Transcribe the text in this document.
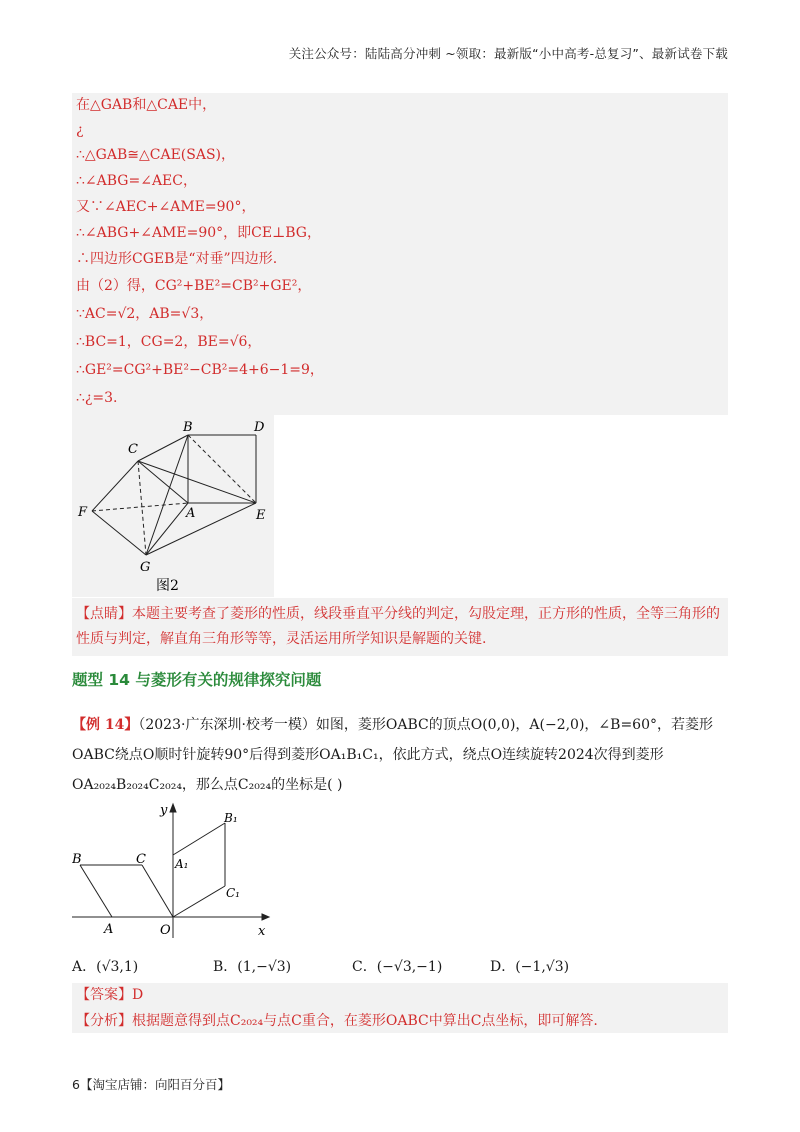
关注公众号：陆陆高分冲刺 ~领取：最新版“小中高考-总复习”、最新试卷下载
在△GAB和△CAE中，
¿
∴△GAB≅△CAE(SAS)，
∴∠ABG=∠AEC，
又∵∠AEC+∠AME=90°，
∴∠ABG+∠AME=90°，即CE⊥BG，
∴四边形CGEB是“对垂”四边形.
由（2）得，CG²+BE²=CB²+GE²，
∵AC=√2，AB=√3，
∴BC=1，CG=2，BE=√6，
∴GE²=CG²+BE²−CB²=4+6−1=9，
∴¿=3.
B	D
C
F	A	E
G
图2
【点睛】本题主要考查了菱形的性质，线段垂直平分线的判定，勾股定理，正方形的性质，全等三角形的
性质与判定，解直角三角形等等，灵活运用所学知识是解题的关键.
题型 14 与菱形有关的规律探究问题
【例 14】（2023·广东深圳·校考一模）如图，菱形OABC的顶点O(0,0)，A(−2,0)，∠B=60°，若菱形
OABC绕点O顺时针旋转90°后得到菱形OA₁B₁C₁，依此方式，绕点O连续旋转2024次得到菱形
OA₂₀₂₄B₂₀₂₄C₂₀₂₄，那么点C₂₀₂₄的坐标是( )
y
x
O
A
B	C A₁
B₁
C₁
A．(√3,1)	B．(1,−√3)	C．(−√3,−1)	D．(−1,√3)
【答案】D
【分析】根据题意得到点C₂₀₂₄与点C重合，在菱形OABC中算出C点坐标，即可解答.
6【淘宝店铺：向阳百分百】
